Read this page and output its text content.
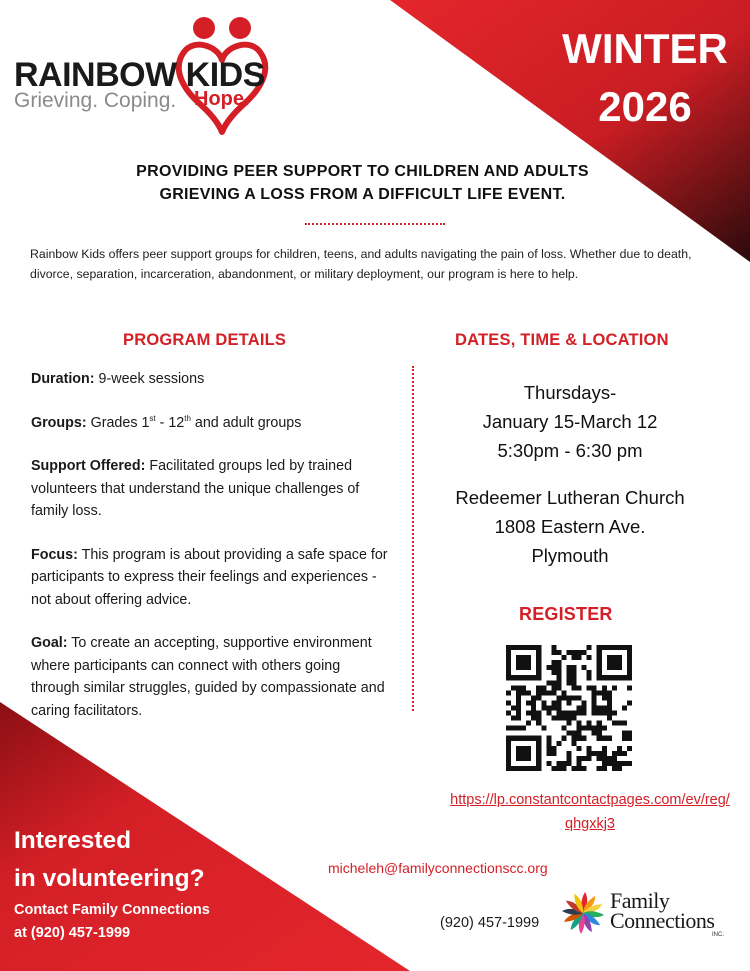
RAINBOW KIDS
Grieving. Coping. Hope.
WINTER
2026
PROVIDING PEER SUPPORT TO CHILDREN AND ADULTS
GRIEVING A LOSS FROM A DIFFICULT LIFE EVENT.
Rainbow Kids offers peer support groups for children, teens, and adults navigating the pain of loss. Whether due to death, divorce, separation, incarceration, abandonment, or military deployment, our program is here to help.
PROGRAM DETAILS

Duration: 9-week sessions

Groups: Grades 1st - 12th and adult groups

Support Offered: Facilitated groups led by trained volunteers that understand the unique challenges of family loss.

Focus: This program is about providing a safe space for participants to express their feelings and experiences - not about offering advice.

Goal: To create an accepting, supportive environment where participants can connect with others going through similar struggles, guided by compassionate and caring facilitators.

DATES, TIME & LOCATION
Thursdays-
January 15-March 12
5:30pm - 6:30 pm
Redeemer Lutheran Church
1808 Eastern Ave.
Plymouth
REGISTER
https://lp.constantcontactpages.com/ev/reg/qhgxkj3
micheleh@familyconnectionscc.org
(920) 457-1999
Family
Connections
INC.
Interested
in volunteering?
Contact Family Connections
at (920) 457-1999
